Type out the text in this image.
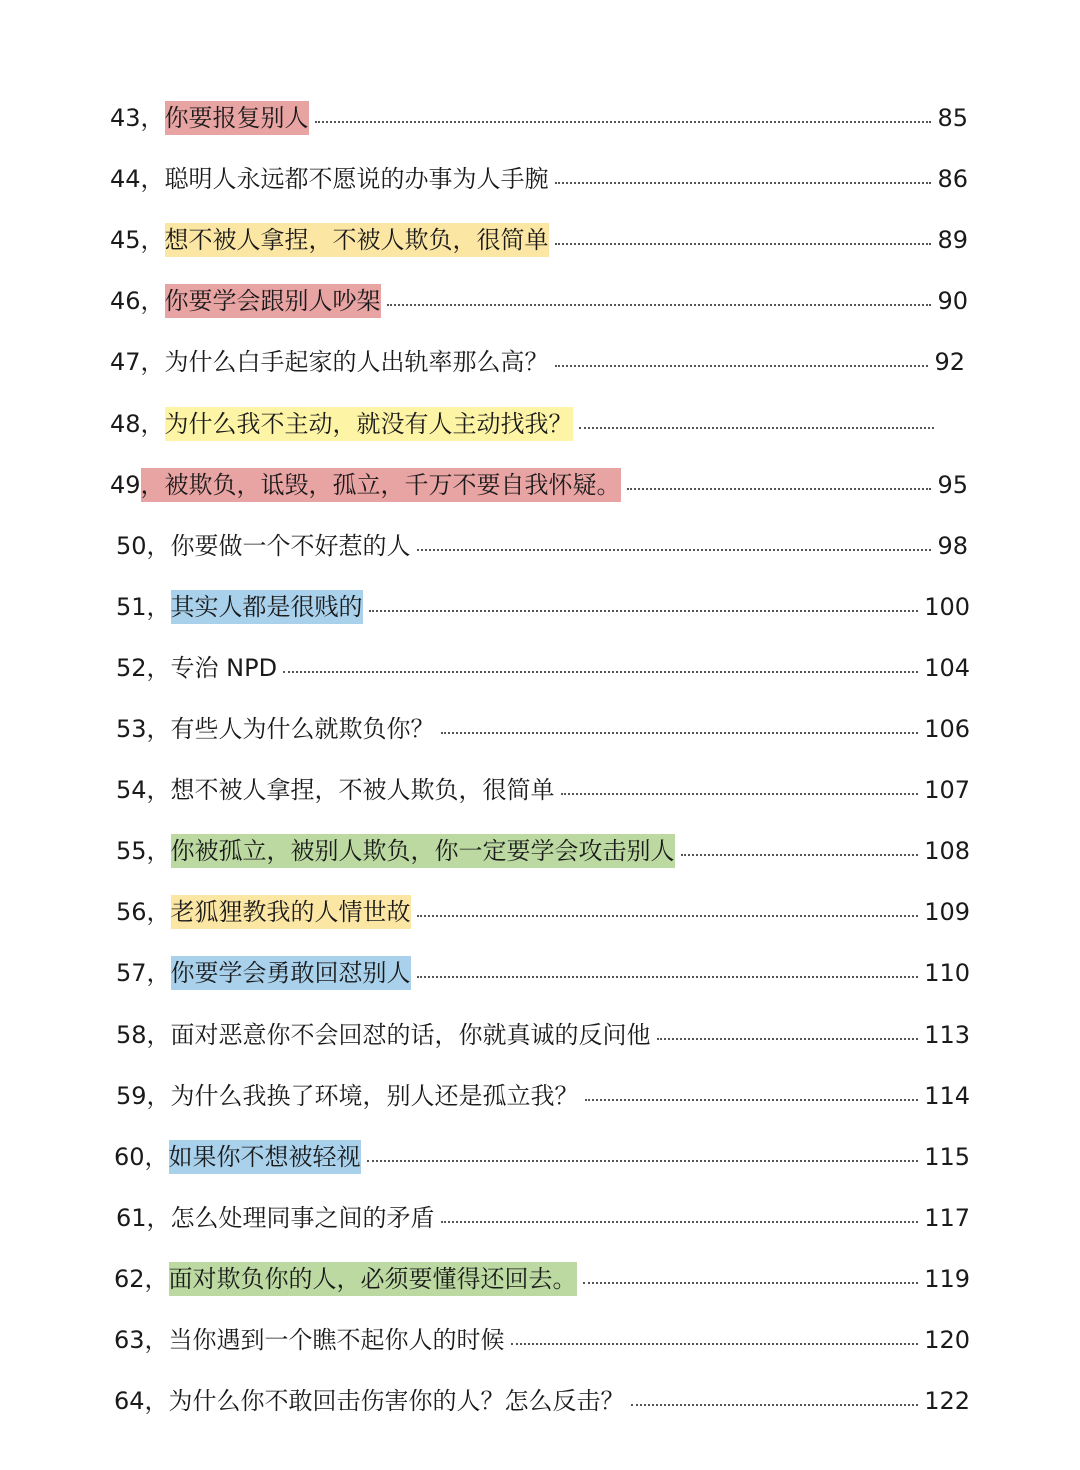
43， 你要报复别人	85
44， 聪明人永远都不愿说的办事为人手腕	86
45， 想不被人拿捏，不被人欺负，很简单	89
46， 你要学会跟别人吵架	90
47， 为什么白手起家的人出轨率那么高？	92
48， 为什么我不主动，就没有人主动找我？
49 ，被欺负，诋毁，孤立，千万不要自我怀疑。	95
50， 你要做一个不好惹的人	98
51， 其实人都是很贱的	100
52， 专治 NPD	104
53， 有些人为什么就欺负你？	106
54， 想不被人拿捏，不被人欺负，很简单	107
55， 你被孤立，被别人欺负，你一定要学会攻击别人	108
56， 老狐狸教我的人情世故	109
57， 你要学会勇敢回怼别人	110
58， 面对恶意你不会回怼的话，你就真诚的反问他	113
59， 为什么我换了环境，别人还是孤立我？	114
60， 如果你不想被轻视	115
61， 怎么处理同事之间的矛盾	117
62， 面对欺负你的人，必须要懂得还回去。	119
63， 当你遇到一个瞧不起你人的时候	120
64， 为什么你不敢回击伤害你的人？怎么反击？	122
